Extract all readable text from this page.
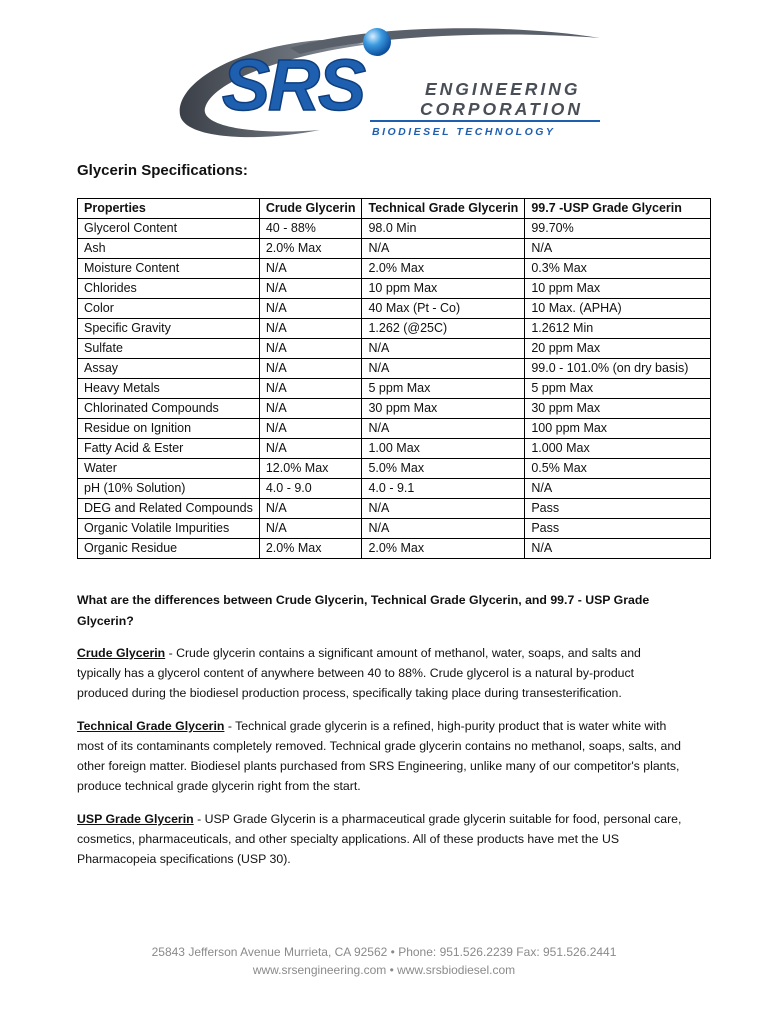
SRS	ENGINEERING
CORPORATION
BIODIESEL TECHNOLOGY
Glycerin Specifications:
Properties	Crude Glycerin	Technical Grade Glycerin	99.7 -USP Grade Glycerin
Glycerol Content	40 - 88%	98.0 Min	99.70%
Ash	2.0% Max	N/A	N/A
Moisture Content	N/A	2.0% Max	0.3% Max
Chlorides	N/A	10 ppm Max	10 ppm Max
Color	N/A	40 Max (Pt - Co)	10 Max. (APHA)
Specific Gravity	N/A	1.262 (@25C)	1.2612 Min
Sulfate	N/A	N/A	20 ppm Max
Assay	N/A	N/A	99.0 - 101.0% (on dry basis)
Heavy Metals	N/A	5 ppm Max	5 ppm Max
Chlorinated Compounds	N/A	30 ppm Max	30 ppm Max
Residue on Ignition	N/A	N/A	100 ppm Max
Fatty Acid & Ester	N/A	1.00 Max	1.000 Max
Water	12.0% Max	5.0% Max	0.5% Max
pH (10% Solution)	4.0 - 9.0	4.0 - 9.1	N/A
DEG and Related Compounds	N/A	N/A	Pass
Organic Volatile Impurities	N/A	N/A	Pass
Organic Residue	2.0% Max	2.0% Max	N/A

What are the differences between Crude Glycerin, Technical Grade Glycerin, and 99.7 - USP Grade Glycerin?

Crude Glycerin - Crude glycerin contains a significant amount of methanol, water, soaps, and salts and typically has a glycerol content of anywhere between 40 to 88%. Crude glycerol is a natural by-product produced during the biodiesel production process, specifically taking place during transesterification.

Technical Grade Glycerin - Technical grade glycerin is a refined, high-purity product that is water white with most of its contaminants completely removed. Technical grade glycerin contains no methanol, soaps, salts, and other foreign matter. Biodiesel plants purchased from SRS Engineering, unlike many of our competitor's plants, produce technical grade glycerin right from the start.

USP Grade Glycerin - USP Grade Glycerin is a pharmaceutical grade glycerin suitable for food, personal care, cosmetics, pharmaceuticals, and other specialty applications. All of these products have met the US Pharmacopeia specifications (USP 30).

25843 Jefferson Avenue Murrieta, CA 92562 • Phone: 951.526.2239 Fax: 951.526.2441
www.srsengineering.com • www.srsbiodiesel.com
